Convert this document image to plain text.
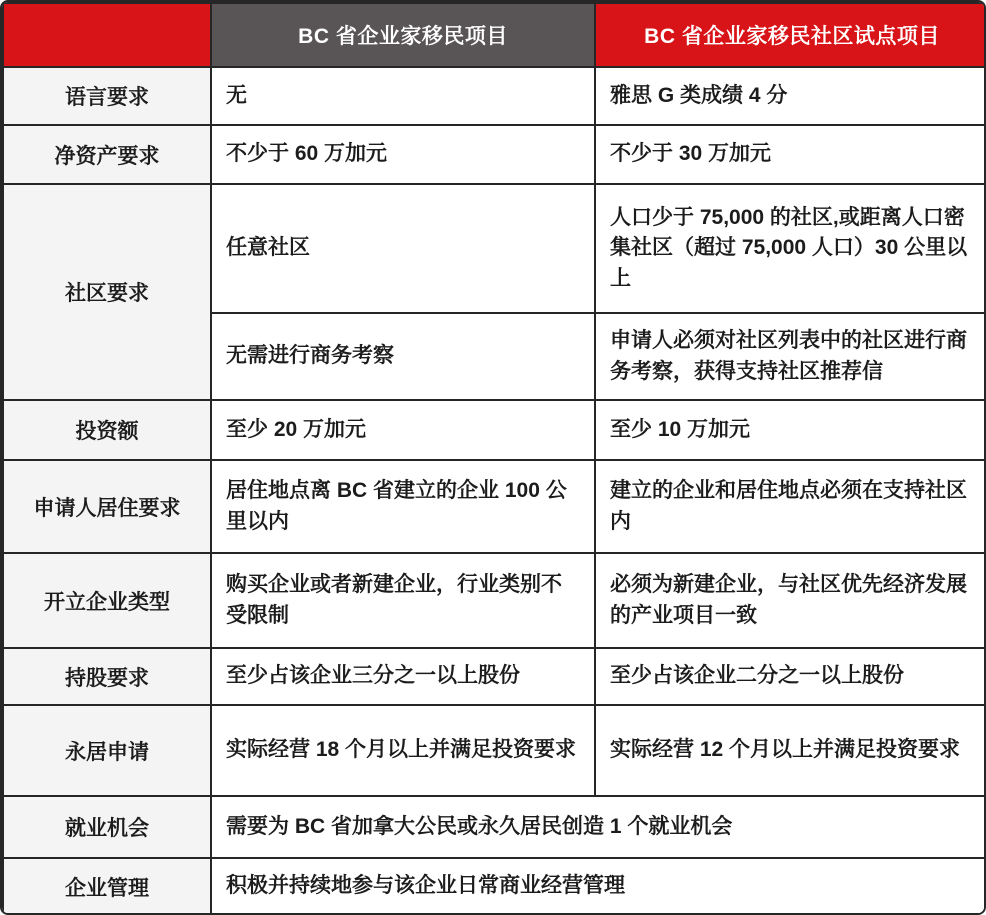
	BC 省企业家移民项目	BC 省企业家移民社区试点项目
语言要求	无	雅思 G 类成绩 4 分
净资产要求	不少于 60 万加元	不少于 30 万加元
社区要求	任意社区	人口少于 75,000 的社区,或距离人口密集社区（超过 75,000 人口）30 公里以上
	无需进行商务考察	申请人必须对社区列表中的社区进行商务考察，获得支持社区推荐信
投资额	至少 20 万加元	至少 10 万加元
申请人居住要求	居住地点离 BC 省建立的企业 100 公里以内	建立的企业和居住地点必须在支持社区内
开立企业类型	购买企业或者新建企业，行业类别不受限制	必须为新建企业，与社区优先经济发展的产业项目一致
持股要求	至少占该企业三分之一以上股份	至少占该企业二分之一以上股份
永居申请	实际经营 18 个月以上并满足投资要求	实际经营 12 个月以上并满足投资要求
就业机会	需要为 BC 省加拿大公民或永久居民创造 1 个就业机会	
企业管理	积极并持续地参与该企业日常商业经营管理	
